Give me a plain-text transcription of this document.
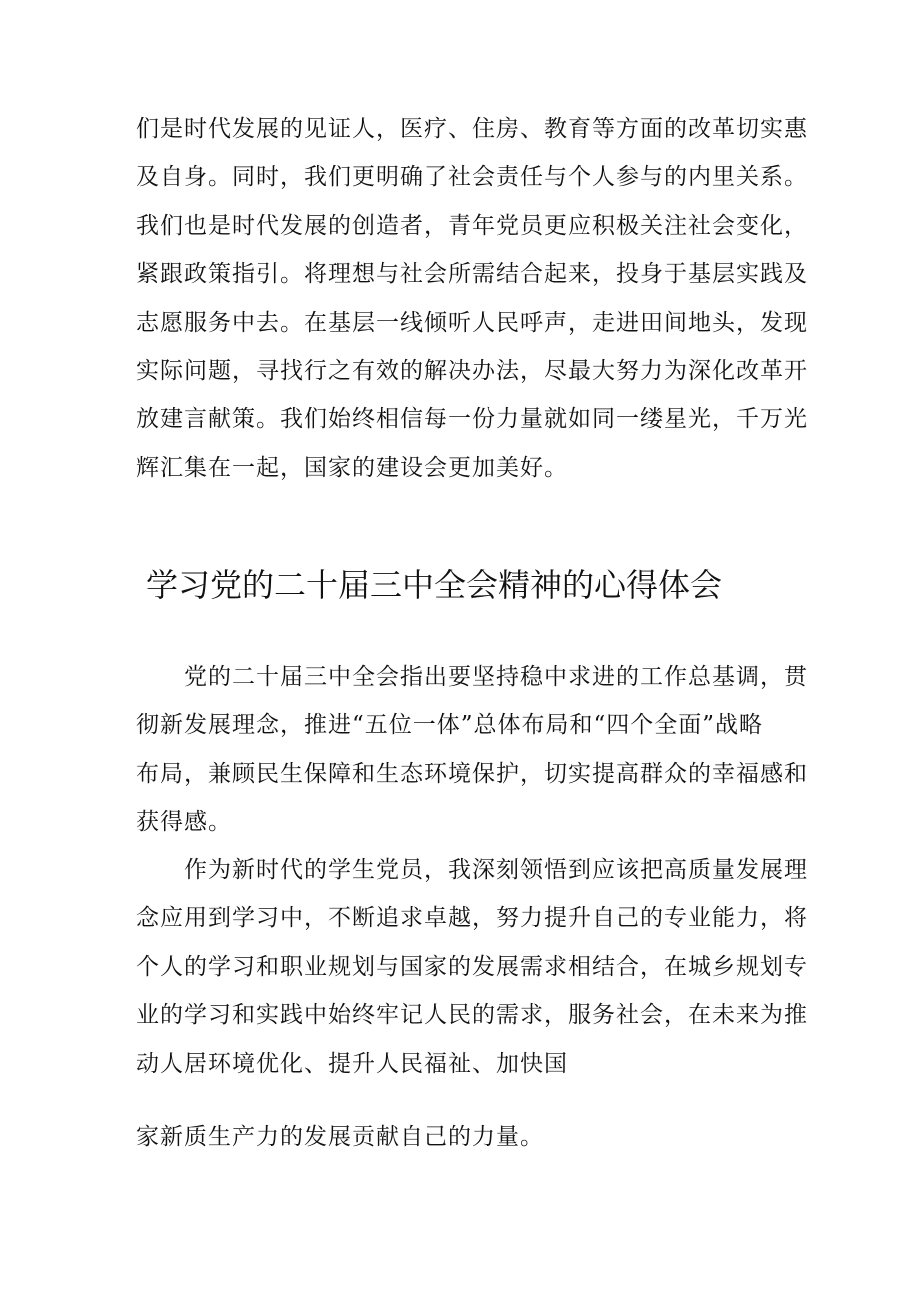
们是时代发展的见证人，医疗、住房、教育等方面的改革切实惠
及自身。同时，我们更明确了社会责任与个人参与的内里关系。
我们也是时代发展的创造者，青年党员更应积极关注社会变化，
紧跟政策指引。将理想与社会所需结合起来，投身于基层实践及
志愿服务中去。在基层一线倾听人民呼声，走进田间地头，发现
实际问题，寻找行之有效的解决办法，尽最大努力为深化改革开
放建言献策。我们始终相信每一份力量就如同一缕星光，千万光
辉汇集在一起，国家的建设会更加美好。
学习党的二十届三中全会精神的心得体会
党的二十届三中全会指出要坚持稳中求进的工作总基调，贯
彻新发展理念，推进“五位一体”总体布局和“四个全面”战略
布局，兼顾民生保障和生态环境保护，切实提高群众的幸福感和
获得感。
作为新时代的学生党员，我深刻领悟到应该把高质量发展理
念应用到学习中，不断追求卓越，努力提升自己的专业能力，将
个人的学习和职业规划与国家的发展需求相结合，在城乡规划专
业的学习和实践中始终牢记人民的需求，服务社会，在未来为推
动人居环境优化、提升人民福祉、加快国
家新质生产力的发展贡献自己的力量。
